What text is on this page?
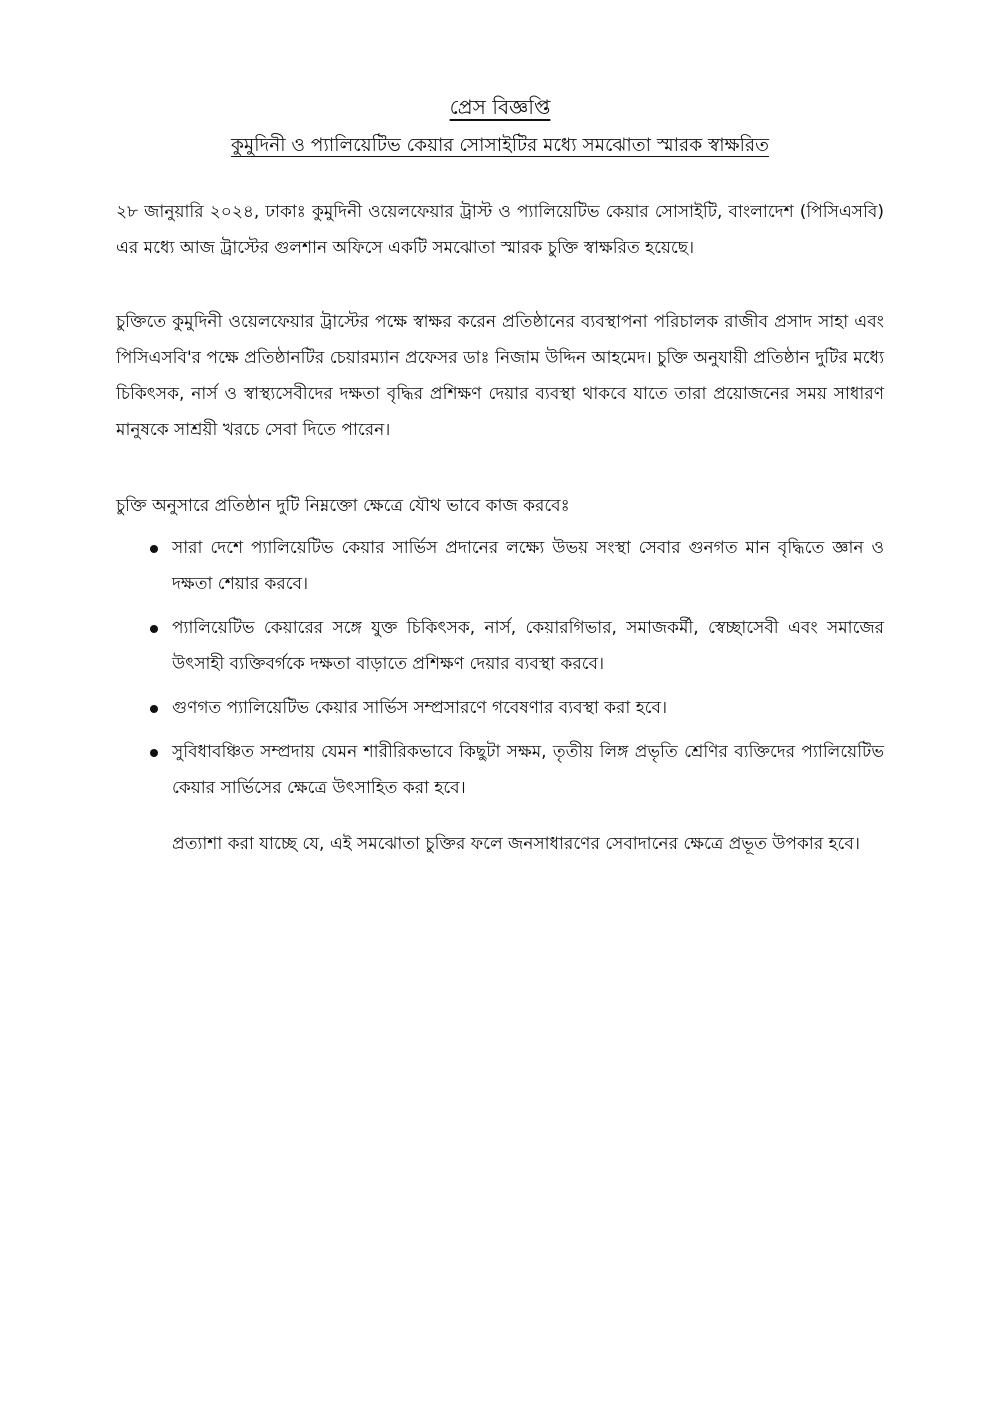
প্রেস বিজ্ঞপ্তি
কুমুদিনী ও প্যালিয়েটিভ কেয়ার সোসাইটির মধ্যে সমঝোতা স্মারক স্বাক্ষরিত

২৮ জানুয়ারি ২০২৪, ঢাকাঃ কুমুদিনী ওয়েলফেয়ার ট্রাস্ট ও প্যালিয়েটিভ কেয়ার সোসাইটি, বাংলাদেশ (পিসিএসবি) এর মধ্যে আজ ট্রাস্টের গুলশান অফিসে একটি সমঝোতা স্মারক চুক্তি স্বাক্ষরিত হয়েছে।

চুক্তিতে কুমুদিনী ওয়েলফেয়ার ট্রাস্টের পক্ষে স্বাক্ষর করেন প্রতিষ্ঠানের ব্যবস্থাপনা পরিচালক রাজীব প্রসাদ সাহা এবং পিসিএসবি'র পক্ষে প্রতিষ্ঠানটির চেয়ারম্যান প্রফেসর ডাঃ নিজাম উদ্দিন আহমেদ। চুক্তি অনুযায়ী প্রতিষ্ঠান দুটির মধ্যে চিকিৎসক, নার্স ও স্বাস্থ্যসেবীদের দক্ষতা বৃদ্ধির প্রশিক্ষণ দেয়ার ব্যবস্থা থাকবে যাতে তারা প্রয়োজনের সময় সাধারণ মানুষকে সাশ্রয়ী খরচে সেবা দিতে পারেন।

চুক্তি অনুসারে প্রতিষ্ঠান দুটি নিম্নক্তো ক্ষেত্রে যৌথ ভাবে কাজ করবেঃ

সারা দেশে প্যালিয়েটিভ কেয়ার সার্ভিস প্রদানের লক্ষ্যে উভয় সংস্থা সেবার গুনগত মান বৃদ্ধিতে জ্ঞান ও দক্ষতা শেয়ার করবে।
প্যালিয়েটিভ কেয়ারের সঙ্গে যুক্ত চিকিৎসক, নার্স, কেয়ারগিভার, সমাজকর্মী, স্বেচ্ছাসেবী এবং সমাজের উৎসাহী ব্যক্তিবর্গকে দক্ষতা বাড়াতে প্রশিক্ষণ দেয়ার ব্যবস্থা করবে।
গুণগত প্যালিয়েটিভ কেয়ার সার্ভিস সম্প্রসারণে গবেষণার ব্যবস্থা করা হবে।
সুবিধাবঞ্চিত সম্প্রদায় যেমন শারীরিকভাবে কিছুটা সক্ষম, তৃতীয় লিঙ্গ প্রভৃতি শ্রেণির ব্যক্তিদের প্যালিয়েটিভ কেয়ার সার্ভিসের ক্ষেত্রে উৎসাহিত করা হবে।

প্রত্যাশা করা যাচ্ছে যে, এই সমঝোতা চুক্তির ফলে জনসাধারণের সেবাদানের ক্ষেত্রে প্রভূত উপকার হবে।
